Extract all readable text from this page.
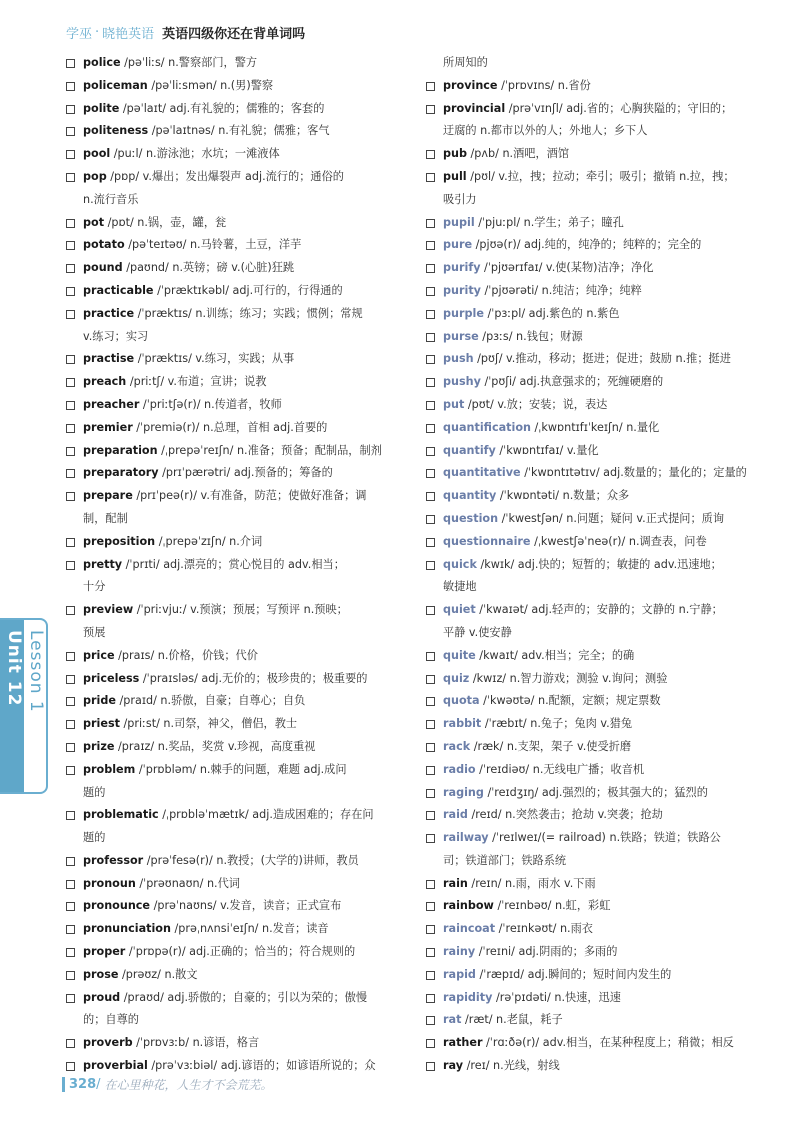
学巫 · 晓艳英语 英语四级你还在背单词吗
police /pəˈliːs/ n.警察部门，警方
policeman /pəˈliːsmən/ n.(男)警察
polite /pəˈlaɪt/ adj.有礼貌的；儒雅的；客套的
politeness /pəˈlaɪtnəs/ n.有礼貌；儒雅；客气
pool /puːl/ n.游泳池；水坑；一滩液体
pop /pɒp/ v.爆出；发出爆裂声 adj.流行的；通俗的
n.流行音乐
pot /pɒt/ n.锅，壶，罐，瓮
potato /pəˈteɪtəʊ/ n.马铃薯，土豆，洋芋
pound /paʊnd/ n.英镑；磅 v.(心脏)狂跳
practicable /ˈpræktɪkəbl/ adj.可行的，行得通的
practice /ˈpræktɪs/ n.训练；练习；实践；惯例；常规
v.练习；实习
practise /ˈpræktɪs/ v.练习，实践；从事
preach /priːtʃ/ v.布道；宣讲；说教
preacher /ˈpriːtʃə(r)/ n.传道者，牧师
premier /ˈpremiə(r)/ n.总理，首相 adj.首要的
preparation /ˌprepəˈreɪʃn/ n.准备；预备；配制品，制剂
preparatory /prɪˈpærətri/ adj.预备的；筹备的
prepare /prɪˈpeə(r)/ v.有准备，防范；使做好准备；调
制，配制
preposition /ˌprepəˈzɪʃn/ n.介词
pretty /ˈprɪti/ adj.漂亮的；赏心悦目的 adv.相当；
十分
preview /ˈpriːvjuː/ v.预演；预展；写预评 n.预映；
预展
price /praɪs/ n.价格，价钱；代价
priceless /ˈpraɪsləs/ adj.无价的；极珍贵的；极重要的
pride /praɪd/ n.骄傲，自豪；自尊心；自负
priest /priːst/ n.司祭，神父，僧侣，教士
prize /praɪz/ n.奖品，奖赏 v.珍视，高度重视
problem /ˈprɒbləm/ n.棘手的问题，难题 adj.成问
题的
problematic /ˌprɒbləˈmætɪk/ adj.造成困难的；存在问
题的
professor /prəˈfesə(r)/ n.教授；(大学的)讲师，教员
pronoun /ˈprəʊnaʊn/ n.代词
pronounce /prəˈnaʊns/ v.发音，读音；正式宣布
pronunciation /prəˌnʌnsiˈeɪʃn/ n.发音；读音
proper /ˈprɒpə(r)/ adj.正确的；恰当的；符合规则的
prose /prəʊz/ n.散文
proud /praʊd/ adj.骄傲的；自豪的；引以为荣的；傲慢
的；自尊的
proverb /ˈprɒvɜːb/ n.谚语，格言
proverbial /prəˈvɜːbiəl/ adj.谚语的；如谚语所说的；众
所周知的
province /ˈprɒvɪns/ n.省份
provincial /prəˈvɪnʃl/ adj.省的；心胸狭隘的；守旧的；
迂腐的 n.都市以外的人；外地人；乡下人
pub /pʌb/ n.酒吧，酒馆
pull /pʊl/ v.拉，拽；拉动；牵引；吸引；撤销 n.拉，拽；
吸引力
pupil /ˈpjuːpl/ n.学生；弟子；瞳孔
pure /pjʊə(r)/ adj.纯的，纯净的；纯粹的；完全的
purify /ˈpjʊərɪfaɪ/ v.使(某物)洁净；净化
purity /ˈpjʊərəti/ n.纯洁；纯净；纯粹
purple /ˈpɜːpl/ adj.紫色的 n.紫色
purse /pɜːs/ n.钱包；财源
push /pʊʃ/ v.推动，移动；挺进；促进；鼓励 n.推；挺进
pushy /ˈpʊʃi/ adj.执意强求的；死缠硬磨的
put /pʊt/ v.放；安装；说，表达
quantification /ˌkwɒntɪfɪˈkeɪʃn/ n.量化
quantify /ˈkwɒntɪfaɪ/ v.量化
quantitative /ˈkwɒntɪtətɪv/ adj.数量的；量化的；定量的
quantity /ˈkwɒntəti/ n.数量；众多
question /ˈkwestʃən/ n.问题；疑问 v.正式提问；质询
questionnaire /ˌkwestʃəˈneə(r)/ n.调查表，问卷
quick /kwɪk/ adj.快的；短暂的；敏捷的 adv.迅速地；
敏捷地
quiet /ˈkwaɪət/ adj.轻声的；安静的；文静的 n.宁静；
平静 v.使安静
quite /kwaɪt/ adv.相当；完全；的确
quiz /kwɪz/ n.智力游戏；测验 v.询问；测验
quota /ˈkwəʊtə/ n.配额，定额；规定票数
rabbit /ˈræbɪt/ n.兔子；兔肉 v.猎兔
rack /ræk/ n.支架，架子 v.使受折磨
radio /ˈreɪdiəʊ/ n.无线电广播；收音机
raging /ˈreɪdʒɪŋ/ adj.强烈的；极其强大的；猛烈的
raid /reɪd/ n.突然袭击；抢劫 v.突袭；抢劫
railway /ˈreɪlweɪ/(= railroad) n.铁路；铁道；铁路公
司；铁道部门；铁路系统
rain /reɪn/ n.雨，雨水 v.下雨
rainbow /ˈreɪnbəʊ/ n.虹，彩虹
raincoat /ˈreɪnkəʊt/ n.雨衣
rainy /ˈreɪni/ adj.阴雨的；多雨的
rapid /ˈræpɪd/ adj.瞬间的；短时间内发生的
rapidity /rəˈpɪdəti/ n.快速，迅速
rat /ræt/ n.老鼠，耗子
rather /ˈrɑːðə(r)/ adv.相当，在某种程度上；稍微；相反
ray /reɪ/ n.光线，射线
Unit 12 Lesson 1
328 / 在心里种花，人生才不会荒芜。
